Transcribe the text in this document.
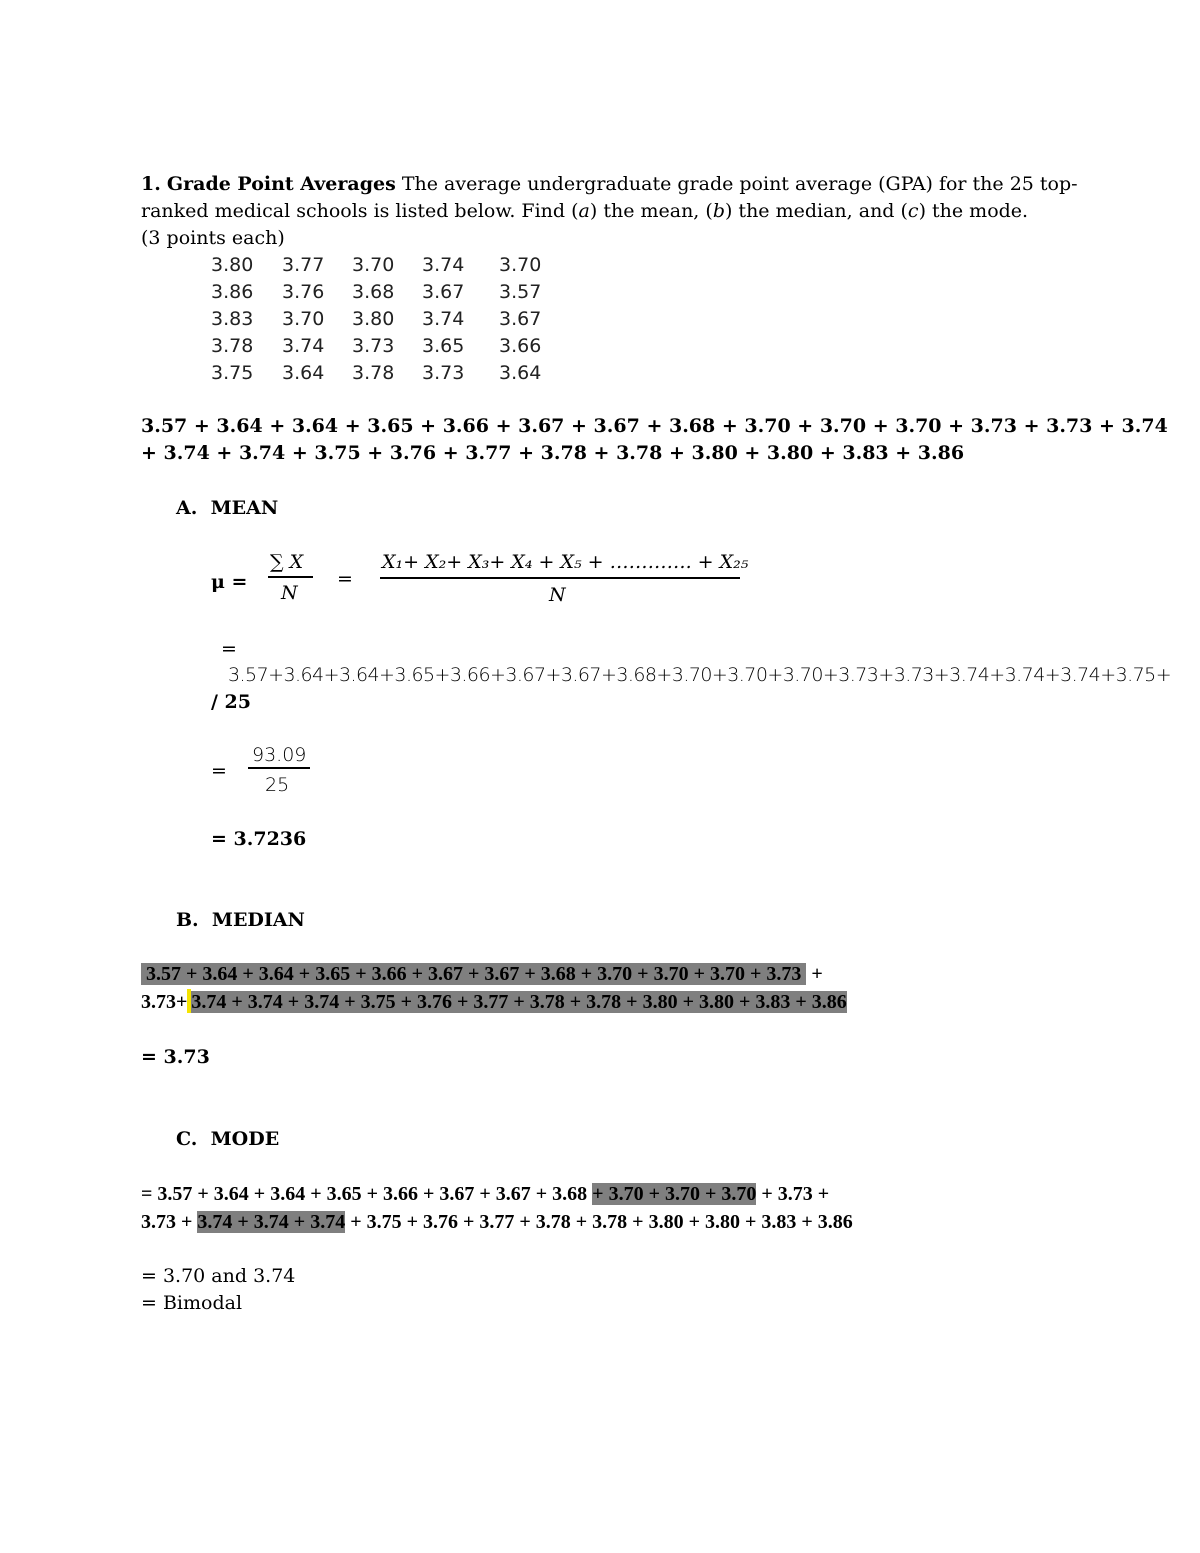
1. Grade Point Averages The average undergraduate grade point average (GPA) for the 25 top-
ranked medical schools is listed below. Find (a) the mean, (b) the median, and (c) the mode.
(3 points each)
3.80	3.77	3.70	3.74	3.70
3.86	3.76	3.68	3.67	3.57
3.83	3.70	3.80	3.74	3.67
3.78	3.74	3.73	3.65	3.66
3.75	3.64	3.78	3.73	3.64
3.57 + 3.64 + 3.64 + 3.65 + 3.66 + 3.67 + 3.67 + 3.68 + 3.70 + 3.70 + 3.70 + 3.73 + 3.73 + 3.74
+ 3.74 + 3.74 + 3.75 + 3.76 + 3.77 + 3.78 + 3.78 + 3.80 + 3.80 + 3.83 + 3.86
A. MEAN
μ =
∑ X
N
=
X₁+ X₂+ X₃+ X₄ + X₅ + …………. + X₂₅
N
=
3.57+3.64+3.64+3.65+3.66+3.67+3.67+3.68+3.70+3.70+3.70+3.73+3.73+3.74+3.74+3.74+3.75+
/ 25
=
93.09
25
= 3.7236
B. MEDIAN
3.57 + 3.64 + 3.64 + 3.65 + 3.66 + 3.67 + 3.67 + 3.68 + 3.70 + 3.70 + 3.70 + 3.73  +
3.73+ 3.74 + 3.74 + 3.74 + 3.75 + 3.76 + 3.77 + 3.78 + 3.78 + 3.80 + 3.80 + 3.83 + 3.86
= 3.73
C. MODE
= 3.57 + 3.64 + 3.64 + 3.65 + 3.66 + 3.67 + 3.67 + 3.68 + 3.70 + 3.70 + 3.70 + 3.73 +
3.73 + 3.74 + 3.74 + 3.74 + 3.75 + 3.76 + 3.77 + 3.78 + 3.78 + 3.80 + 3.80 + 3.83 + 3.86
= 3.70 and 3.74
= Bimodal
